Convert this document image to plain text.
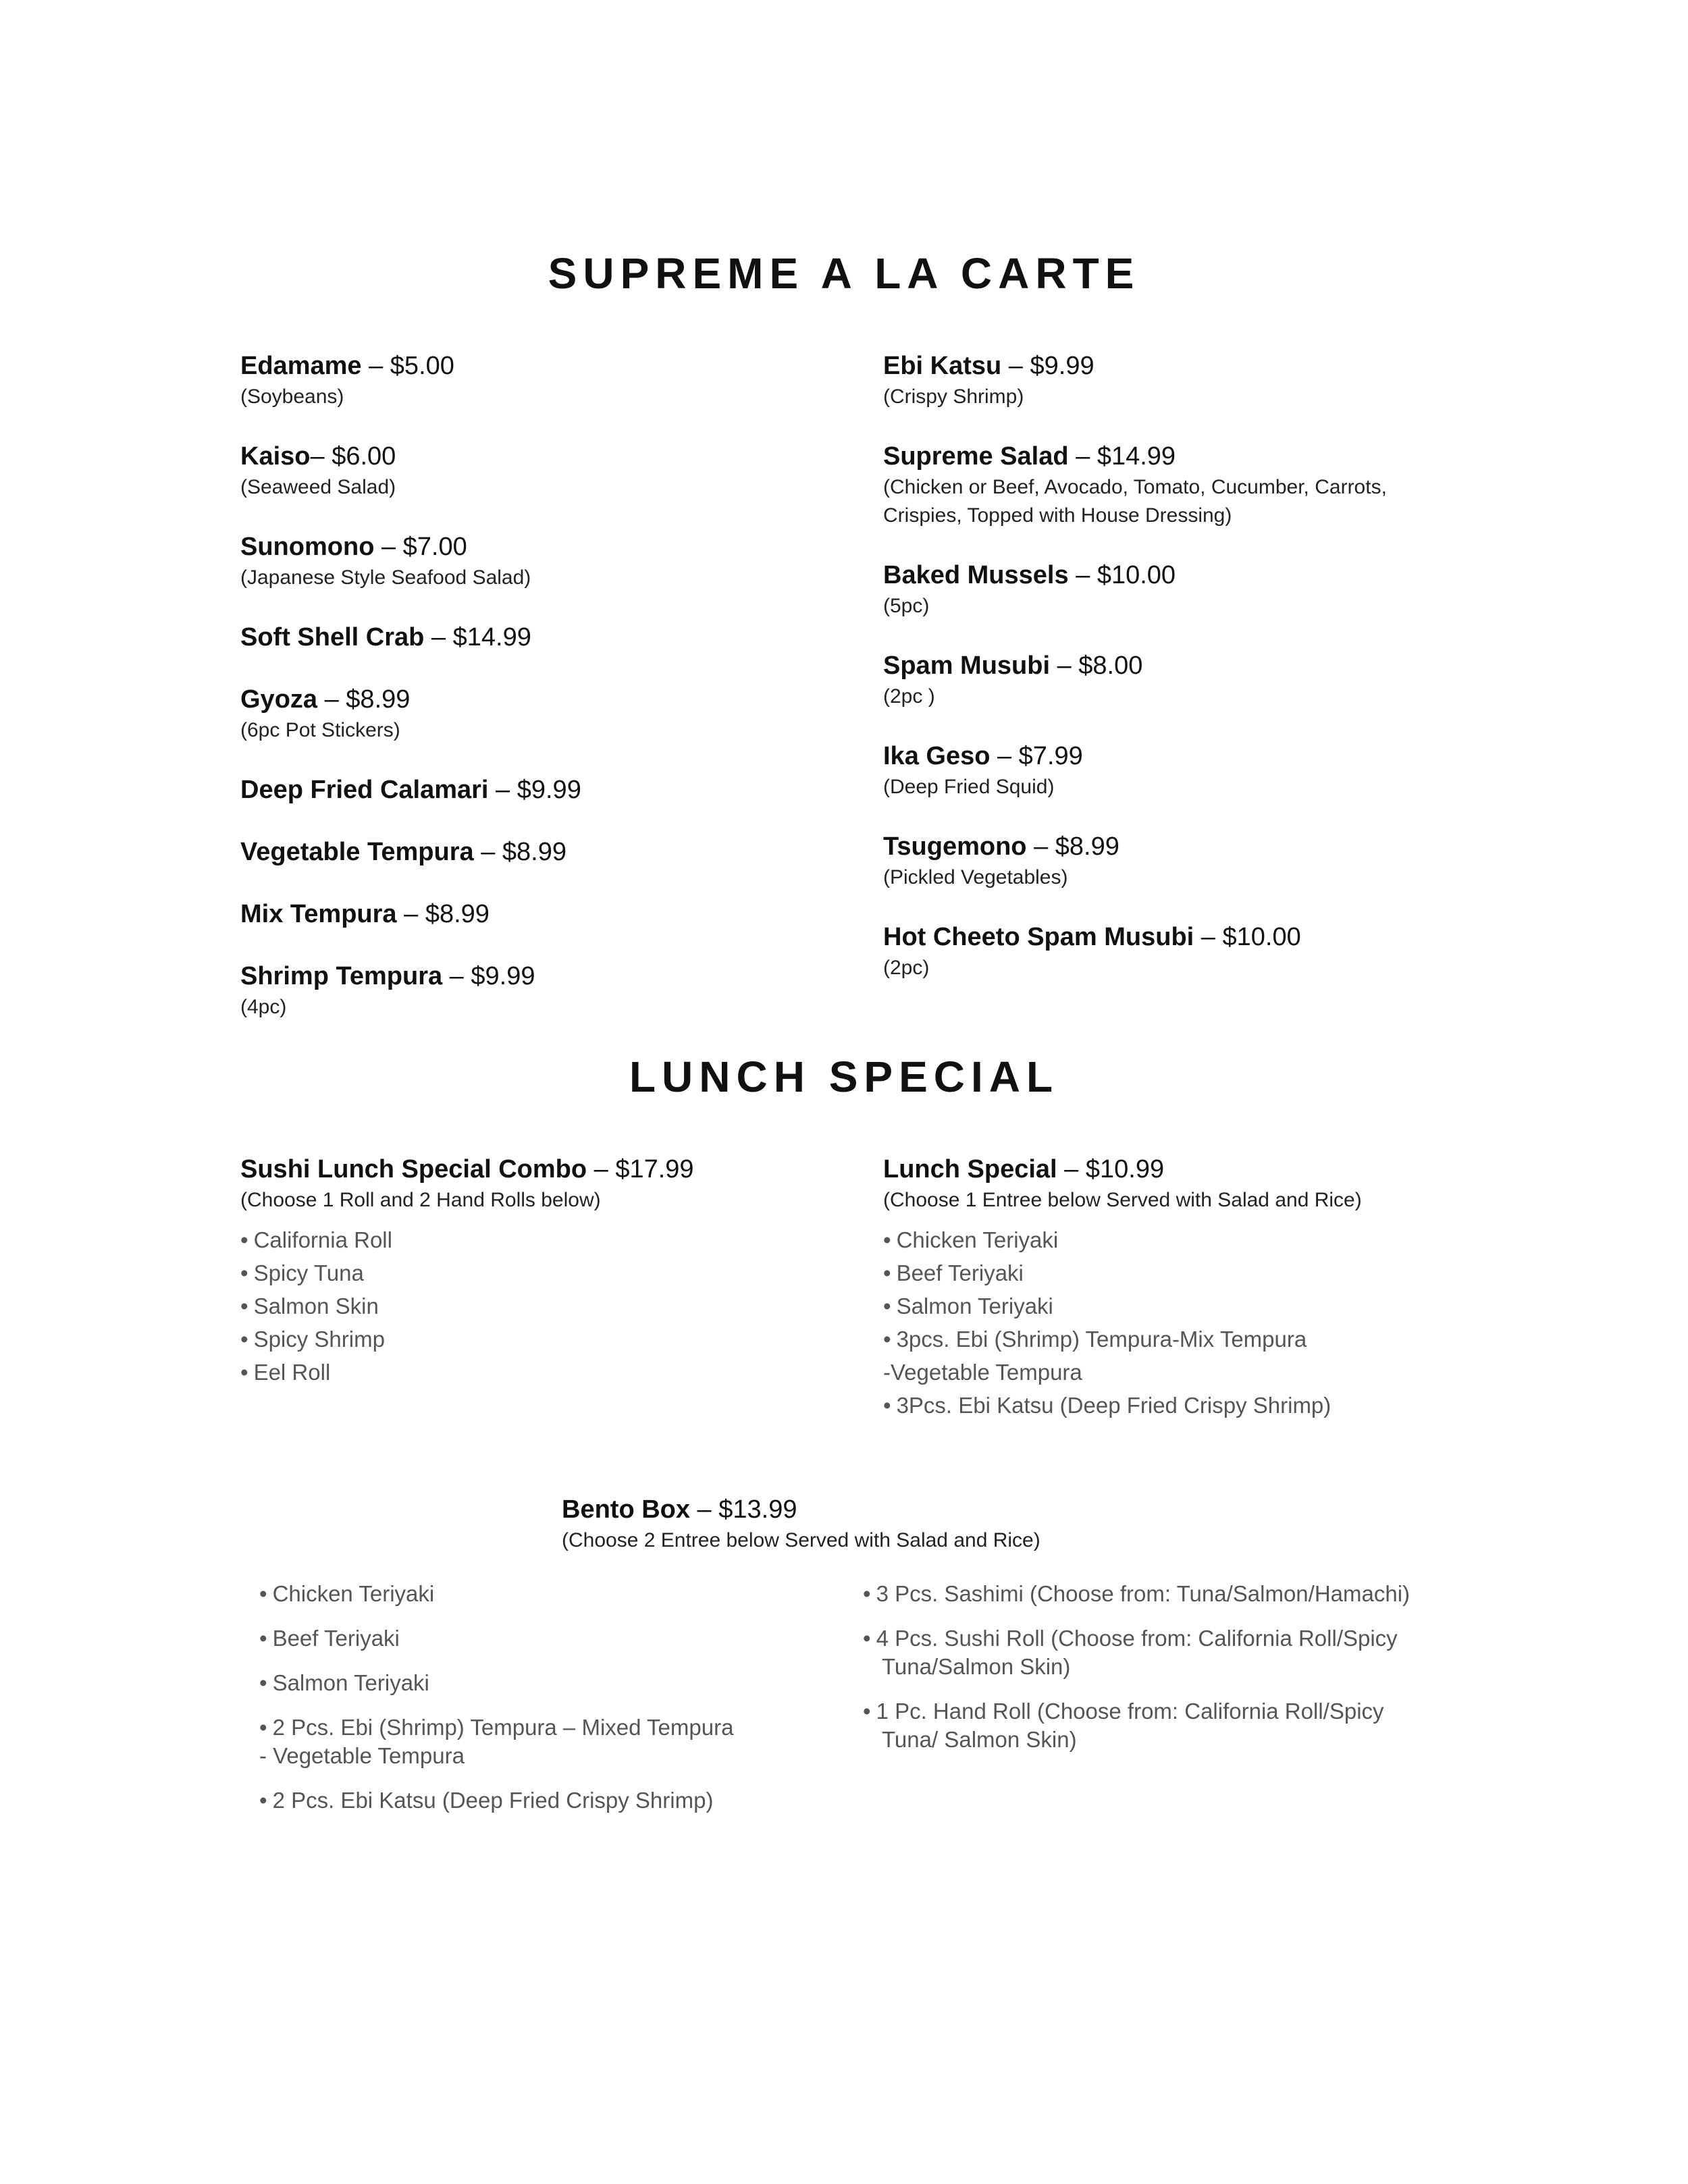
SUPREME A LA CARTE
Edamame – $5.00
(Soybeans)
Kaiso– $6.00
(Seaweed Salad)
Sunomono – $7.00
(Japanese Style Seafood Salad)
Soft Shell Crab – $14.99
Gyoza – $8.99
(6pc Pot Stickers)
Deep Fried Calamari – $9.99
Vegetable Tempura – $8.99
Mix Tempura – $8.99
Shrimp Tempura – $9.99
(4pc)
Ebi Katsu – $9.99
(Crispy Shrimp)
Supreme Salad – $14.99
(Chicken or Beef, Avocado, Tomato, Cucumber, Carrots,
Crispies, Topped with House Dressing)
Baked Mussels – $10.00
(5pc)
Spam Musubi – $8.00
(2pc )
Ika Geso – $7.99
(Deep Fried Squid)
Tsugemono – $8.99
(Pickled Vegetables)
Hot Cheeto Spam Musubi – $10.00
(2pc)
LUNCH SPECIAL
Sushi Lunch Special Combo – $17.99
(Choose 1 Roll and 2 Hand Rolls below)
• California Roll
• Spicy Tuna
• Salmon Skin
• Spicy Shrimp
• Eel Roll
Lunch Special – $10.99
(Choose 1 Entree below Served with Salad and Rice)
• Chicken Teriyaki
• Beef Teriyaki
• Salmon Teriyaki
• 3pcs. Ebi (Shrimp) Tempura-Mix Tempura
-Vegetable Tempura
• 3Pcs. Ebi Katsu (Deep Fried Crispy Shrimp)
Bento Box – $13.99
(Choose 2 Entree below Served with Salad and Rice)
• Chicken Teriyaki
• Beef Teriyaki
• Salmon Teriyaki
• 2 Pcs. Ebi (Shrimp) Tempura – Mixed Tempura
- Vegetable Tempura
• 2 Pcs. Ebi Katsu (Deep Fried Crispy Shrimp)
• 3 Pcs. Sashimi (Choose from: Tuna/Salmon/Hamachi)
• 4 Pcs. Sushi Roll (Choose from: California Roll/Spicy
Tuna/Salmon Skin)
• 1 Pc. Hand Roll (Choose from: California Roll/Spicy
Tuna/ Salmon Skin)
